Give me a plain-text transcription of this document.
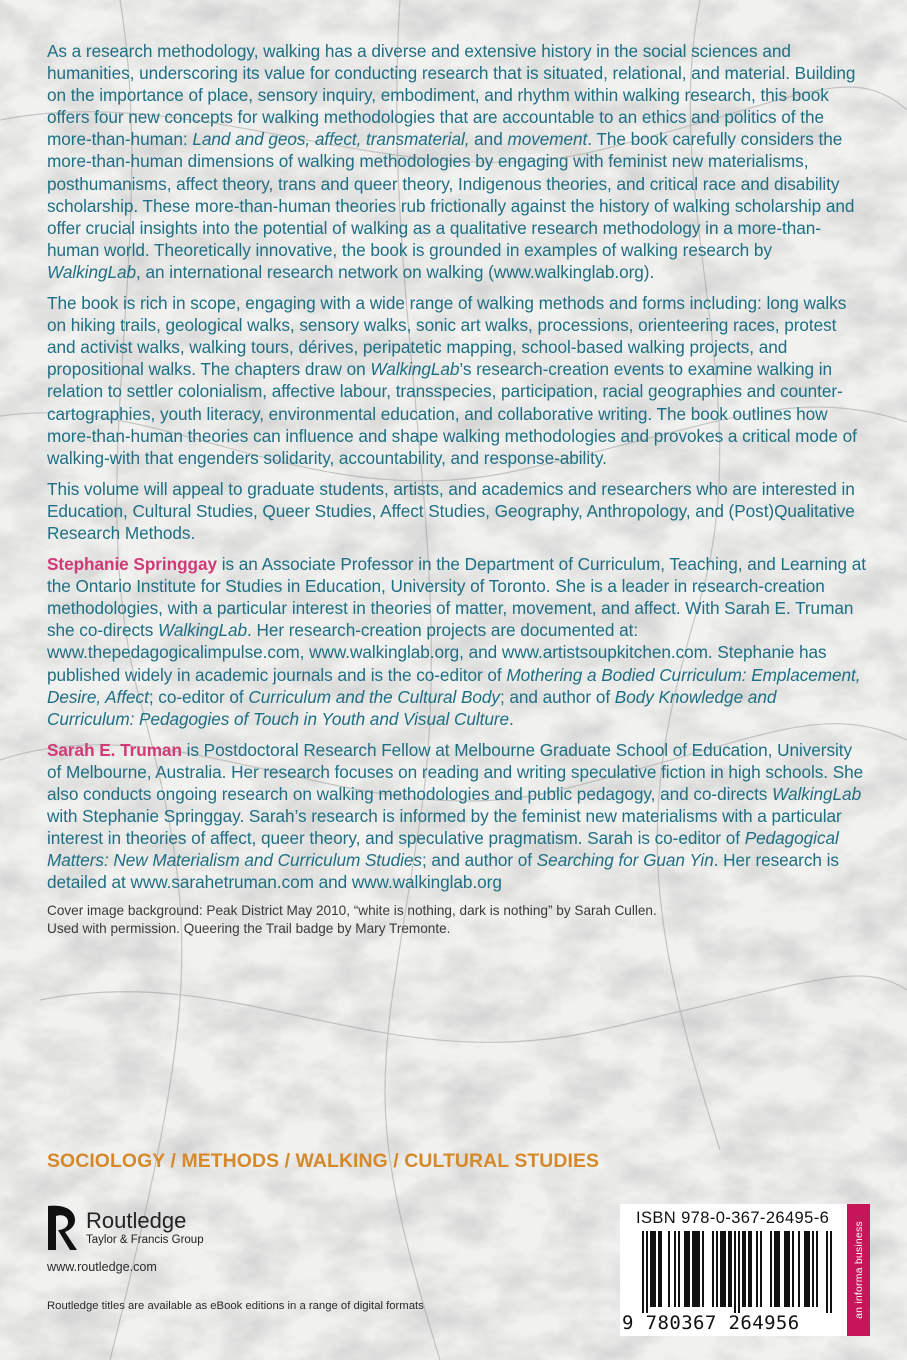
As a research methodology, walking has a diverse and extensive history in the social sciences and humanities, underscoring its value for conducting research that is situated, relational, and material. Building on the importance of place, sensory inquiry, embodiment, and rhythm within walking research, this book offers four new concepts for walking methodologies that are accountable to an ethics and politics of the more-than-human: Land and geos, affect, transmaterial, and movement. The book carefully considers the more-than-human dimensions of walking methodologies by engaging with feminist new materialisms, posthumanisms, affect theory, trans and queer theory, Indigenous theories, and critical race and disability scholarship. These more-than-human theories rub frictionally against the history of walking scholarship and offer crucial insights into the potential of walking as a qualitative research methodology in a more-than-human world. Theoretically innovative, the book is grounded in examples of walking research by WalkingLab, an international research network on walking (www.walkinglab.org).

The book is rich in scope, engaging with a wide range of walking methods and forms including: long walks on hiking trails, geological walks, sensory walks, sonic art walks, processions, orienteering races, protest and activist walks, walking tours, dérives, peripatetic mapping, school-based walking projects, and propositional walks. The chapters draw on WalkingLab’s research-creation events to examine walking in relation to settler colonialism, affective labour, transspecies, participation, racial geographies and counter-cartographies, youth literacy, environmental education, and collaborative writing. The book outlines how more-than-human theories can influence and shape walking methodologies and provokes a critical mode of walking-with that engenders solidarity, accountability, and response-ability.

This volume will appeal to graduate students, artists, and academics and researchers who are interested in Education, Cultural Studies, Queer Studies, Affect Studies, Geography, Anthropology, and (Post)Qualitative Research Methods.

Stephanie Springgay is an Associate Professor in the Department of Curriculum, Teaching, and Learning at the Ontario Institute for Studies in Education, University of Toronto. She is a leader in research-creation methodologies, with a particular interest in theories of matter, movement, and affect. With Sarah E. Truman she co-directs WalkingLab. Her research-creation projects are documented at: www.thepedagogicalimpulse.com, www.walkinglab.org, and www.artistsoupkitchen.com. Stephanie has published widely in academic journals and is the co-editor of Mothering a Bodied Curriculum: Emplacement, Desire, Affect; co-editor of Curriculum and the Cultural Body; and author of Body Knowledge and Curriculum: Pedagogies of Touch in Youth and Visual Culture.

Sarah E. Truman is Postdoctoral Research Fellow at Melbourne Graduate School of Education, University of Melbourne, Australia. Her research focuses on reading and writing speculative fiction in high schools. She also conducts ongoing research on walking methodologies and public pedagogy, and co-directs WalkingLab with Stephanie Springgay. Sarah’s research is informed by the feminist new materialisms with a particular interest in theories of affect, queer theory, and speculative pragmatism. Sarah is co-editor of Pedagogical Matters: New Materialism and Curriculum Studies; and author of Searching for Guan Yin. Her research is detailed at www.sarahetruman.com and www.walkinglab.org

Cover image background: Peak District May 2010, “white is nothing, dark is nothing” by Sarah Cullen.
Used with permission. Queering the Trail badge by Mary Tremonte.

SOCIOLOGY / METHODS / WALKING / CULTURAL STUDIES
Routledge
Taylor & Francis Group
www.routledge.com
Routledge titles are available as eBook editions in a range of digital formats
ISBN 978-0-367-26495-6
9 780367 264956
an informa business
